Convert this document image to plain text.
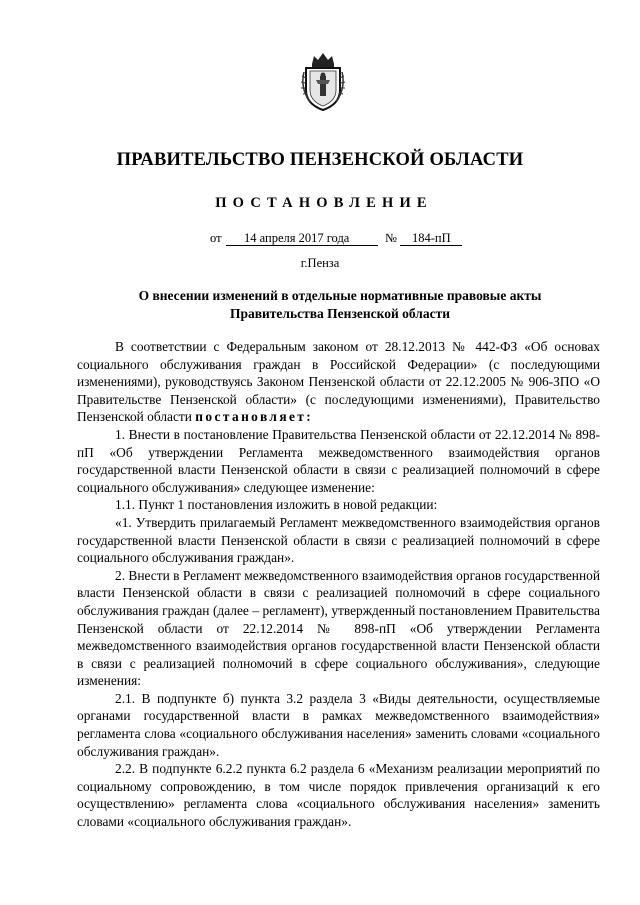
ПРАВИТЕЛЬСТВО ПЕНЗЕНСКОЙ ОБЛАСТИ
ПОСТАНОВЛЕНИЕ
от 14 апреля 2017 года	№ 184-пП
г.Пенза
О внесении изменений в отдельные нормативные правовые акты
Правительства Пензенской области

В соответствии с Федеральным законом от 28.12.2013 № 442-ФЗ «Об основах социального обслуживания граждан в Российской Федерации» (с последующими изменениями), руководствуясь Законом Пензенской области от 22.12.2005 № 906-ЗПО «О Правительстве Пензенской области» (с последующими изменениями), Правительство Пензенской области постановляет:

1. Внести в постановление Правительства Пензенской области от 22.12.2014 № 898-пП «Об утверждении Регламента межведомственного взаимодействия органов государственной власти Пензенской области в связи с реализацией полномочий в сфере социального обслуживания» следующее изменение:

1.1. Пункт 1 постановления изложить в новой редакции:

«1. Утвердить прилагаемый Регламент межведомственного взаимодействия органов государственной власти Пензенской области в связи с реализацией полномочий в сфере социального обслуживания граждан».

2. Внести в Регламент межведомственного взаимодействия органов государственной власти Пензенской области в связи с реализацией полномочий в сфере социального обслуживания граждан (далее – регламент), утвержденный постановлением Правительства Пензенской области от 22.12.2014 № 898-пП «Об утверждении Регламента межведомственного взаимодействия органов государственной власти Пензенской области в связи с реализацией полномочий в сфере социального обслуживания», следующие изменения:

2.1. В подпункте б) пункта 3.2 раздела 3 «Виды деятельности, осуществляемые органами государственной власти в рамках межведомственного взаимодействия» регламента слова «социального обслуживания населения» заменить словами «социального обслуживания граждан».

2.2. В подпункте 6.2.2 пункта 6.2 раздела 6 «Механизм реализации мероприятий по социальному сопровождению, в том числе порядок привлечения организаций к его осуществлению» регламента слова «социального обслуживания населения» заменить словами «социального обслуживания граждан».
